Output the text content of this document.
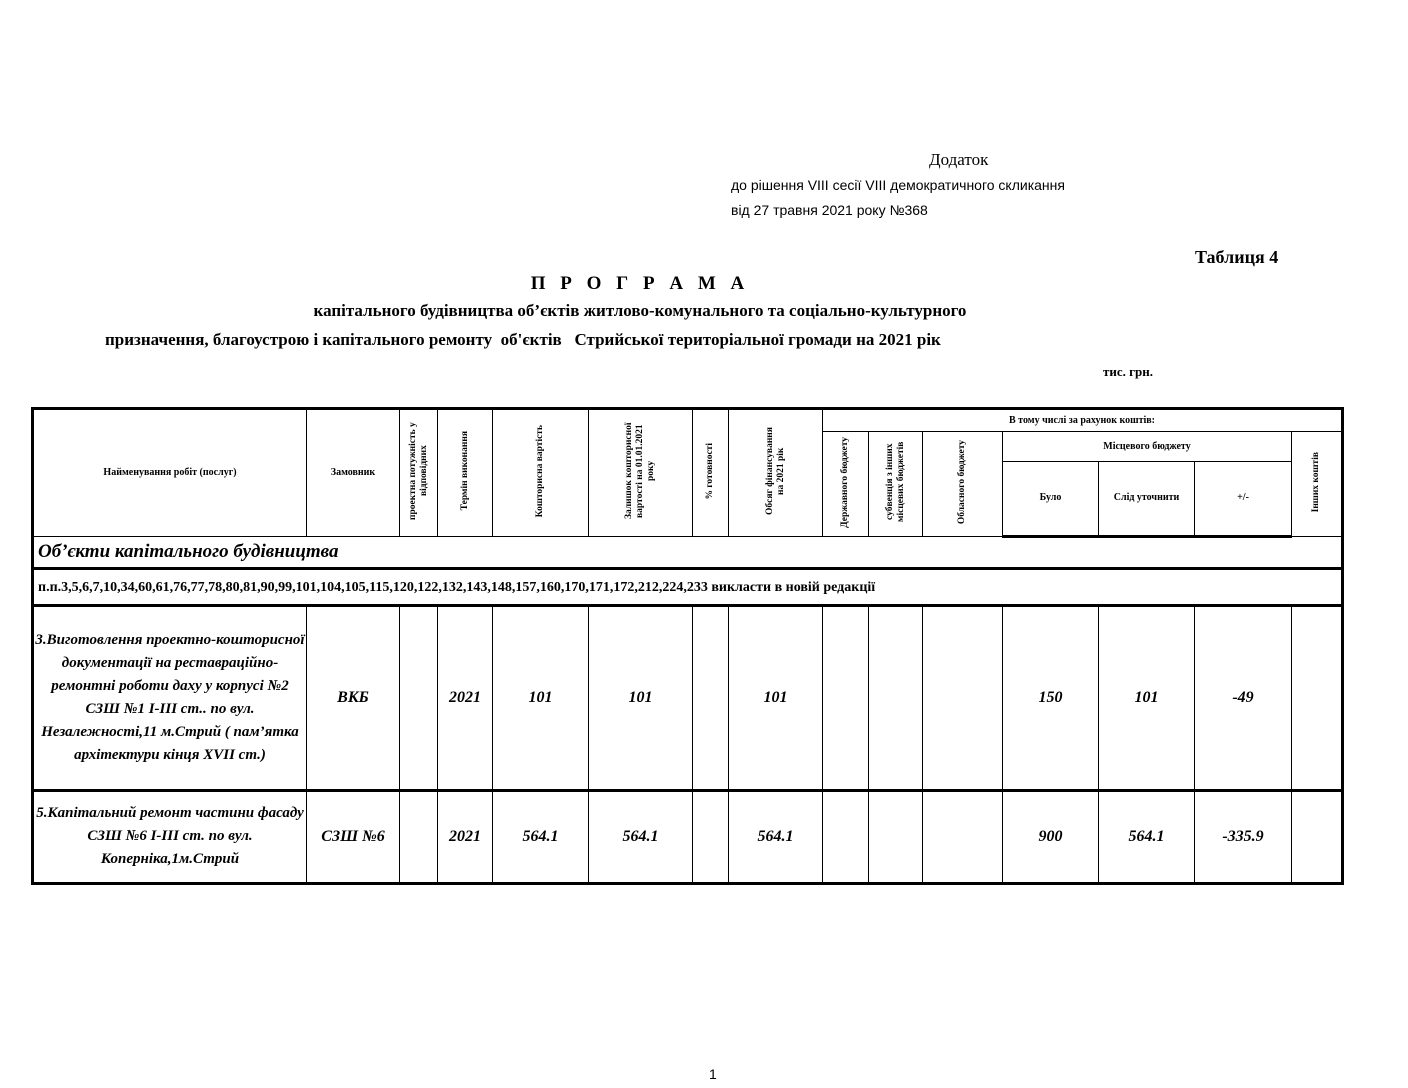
Додаток
до рішення VIII сесії VIII демократичного скликання
від 27 травня 2021 року №368
Таблиця 4
П Р О Г Р А М А
капітального будівництва об’єктів житлово-комунального та соціально-культурного
призначення, благоустрою і капітального ремонту  об'єктів   Стрийської територіальної громади на 2021 рік
тис. грн.
Найменування робіт (послуг)	Замовник	проектна потужність у відповідних	Термін виконання	Кошторисна вартість	Залишок кошторисної вартості на 01.01.2021 року	% готовності	Обсяг фінансування на 2021 рік	В тому числі за рахунок коштів:						
								Державного бюджету	субвенція з інших місцевих бюджетів	Обласного бюджету	Місцевого бюджету			Інших коштів
											Було	Слід уточнити	+/-	
Об’єкти капітального будівництва														
п.п.3,5,6,7,10,34,60,61,76,77,78,80,81,90,99,101,104,105,115,120,122,132,143,148,157,160,170,171,172,212,224,233 викласти в новій редакції														
3.Виготовлення проектно-кошторисної документації на реставраційно-ремонтні роботи даху у корпусі №2 СЗШ №1 І-ІІІ ст.. по вул. Незалежності,11 м.Стрий ( пам’ятка архітектури кінця XVII ст.)	ВКБ		2021	101	101		101				150	101	-49	
5.Капітальний ремонт частини фасаду СЗШ №6 І-ІІІ ст. по вул. Коперніка,1м.Стрий	СЗШ №6		2021	564.1	564.1		564.1				900	564.1	-335.9	
1
